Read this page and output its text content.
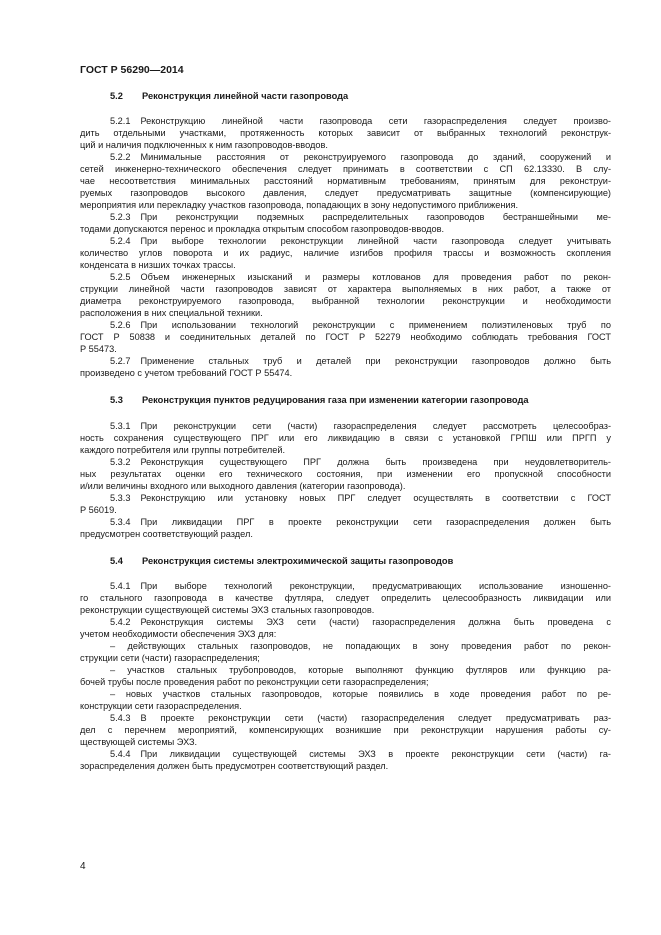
ГОСТ Р 56290—2014
5.2 Реконструкция линейной части газопровода
5.2.1 Реконструкцию линейной части газопровода сети газораспределения следует произво-
дить отдельными участками, протяженность которых зависит от выбранных технологий реконструк-
ций и наличия подключенных к ним газопроводов-вводов.
5.2.2 Минимальные расстояния от реконструируемого газопровода до зданий, сооружений и
сетей инженерно-технического обеспечения следует принимать в соответствии с СП 62.13330. В слу-
чае несоответствия минимальных расстояний нормативным требованиям, принятым для реконструи-
руемых газопроводов высокого давления, следует предусматривать защитные (компенсирующие)
мероприятия или перекладку участков газопровода, попадающих в зону недопустимого приближения.
5.2.3 При реконструкции подземных распределительных газопроводов бестраншейными ме-
тодами допускаются перенос и прокладка открытым способом газопроводов-вводов.
5.2.4 При выборе технологии реконструкции линейной части газопровода следует учитывать
количество углов поворота и их радиус, наличие изгибов профиля трассы и возможность скопления
конденсата в низших точках трассы.
5.2.5 Объем инженерных изысканий и размеры котлованов для проведения работ по рекон-
струкции линейной части газопроводов зависят от характера выполняемых в них работ, а также от
диаметра реконструируемого газопровода, выбранной технологии реконструкции и необходимости
расположения в них специальной техники.
5.2.6 При использовании технологий реконструкции с применением полиэтиленовых труб по
ГОСТ Р 50838 и соединительных деталей по ГОСТ Р 52279 необходимо соблюдать требования ГОСТ
Р 55473.
5.2.7 Применение стальных труб и деталей при реконструкции газопроводов должно быть
произведено с учетом требований ГОСТ Р 55474.
5.3 Реконструкция пунктов редуцирования газа при изменении категории газопровода
5.3.1 При реконструкции сети (части) газораспределения следует рассмотреть целесообраз-
ность сохранения существующего ПРГ или его ликвидацию в связи с установкой ГРПШ или ПРГП у
каждого потребителя или группы потребителей.
5.3.2 Реконструкция существующего ПРГ должна быть произведена при неудовлетворитель-
ных результатах оценки его технического состояния, при изменении его пропускной способности
и/или величины входного или выходного давления (категории газопровода).
5.3.3 Реконструкцию или установку новых ПРГ следует осуществлять в соответствии с ГОСТ
Р 56019.
5.3.4 При ликвидации ПРГ в проекте реконструкции сети газораспределения должен быть
предусмотрен соответствующий раздел.
5.4 Реконструкция системы электрохимической защиты газопроводов
5.4.1 При выборе технологий реконструкции, предусматривающих использование изношенно-
го стального газопровода в качестве футляра, следует определить целесообразность ликвидации или
реконструкции существующей системы ЭХЗ стальных газопроводов.
5.4.2 Реконструкция системы ЭХЗ сети (части) газораспределения должна быть проведена с
учетом необходимости обеспечения ЭХЗ для:
– действующих стальных газопроводов, не попадающих в зону проведения работ по рекон-
струкции сети (части) газораспределения;
– участков стальных трубопроводов, которые выполняют функцию футляров или функцию ра-
бочей трубы после проведения работ по реконструкции сети газораспределения;
– новых участков стальных газопроводов, которые появились в ходе проведения работ по ре-
конструкции сети газораспределения.
5.4.3 В проекте реконструкции сети (части) газораспределения следует предусматривать раз-
дел с перечнем мероприятий, компенсирующих возникшие при реконструкции нарушения работы су-
ществующей системы ЭХЗ.
5.4.4 При ликвидации существующей системы ЭХЗ в проекте реконструкции сети (части) га-
зораспределения должен быть предусмотрен соответствующий раздел.
4
